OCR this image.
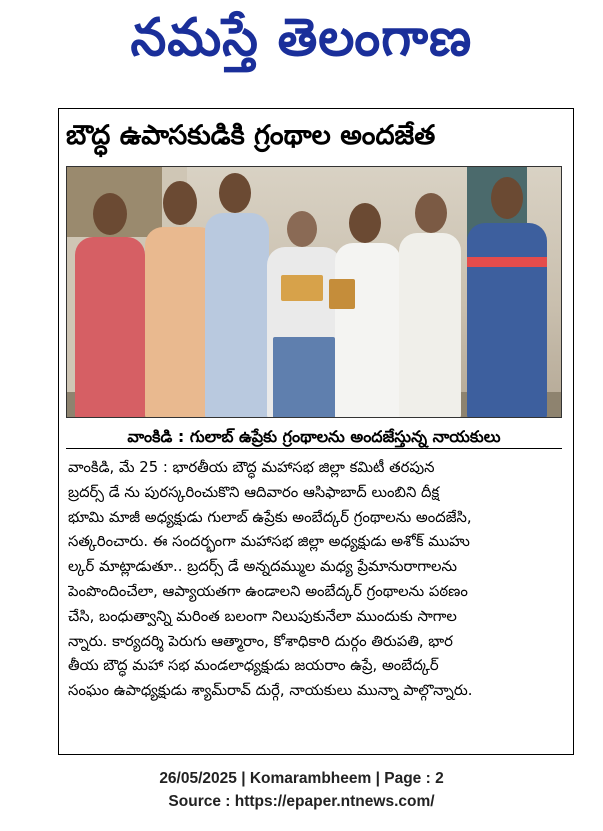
నమస్తే తెలంగాణ
బౌద్ధ ఉపాసకుడికి గ్రంథాల అందజేత
వాంకిడి : గులాబ్ ఉప్రేకు గ్రంథాలను అందజేస్తున్న నాయకులు
వాంకిడి, మే 25 : భారతీయ బౌద్ధ మహాసభ జిల్లా కమిటీ తరపున
బ్రదర్స్ డే ను పురస్కరించుకొని ఆదివారం ఆసిఫాబాద్ లుంబిని దీక్ష
భూమి మాజీ అధ్యక్షుడు గులాబ్ ఉప్రేకు అంబేద్కర్ గ్రంథాలను అందజేసి,
సత్కరించారు. ఈ సందర్భంగా మహాసభ జిల్లా అధ్యక్షుడు అశోక్ ముహు
ల్కర్ మాట్లాడుతూ.. బ్రదర్స్ డే అన్నదమ్ముల మధ్య ప్రేమానురాగాలను
పెంపొందించేలా, ఆప్యాయతగా ఉండాలని అంబేద్కర్ గ్రంథాలను పఠణం
చేసి, బంధుత్వాన్ని మరింత బలంగా నిలుపుకునేలా ముందుకు సాగాల
న్నారు. కార్యదర్శి పెరుగు ఆత్మారాం, కోశాధికారి దుర్గం తిరుపతి, భార
తీయ బౌద్ధ మహా సభ మండలాధ్యక్షుడు జయరాం ఉప్రే, అంబేద్కర్
సంఘం ఉపాధ్యక్షుడు శ్యామ్‌రావ్ దుర్గే, నాయకులు మున్నా పాల్గొన్నారు.
26/05/2025 | Komarambheem | Page : 2
Source : https://epaper.ntnews.com/
